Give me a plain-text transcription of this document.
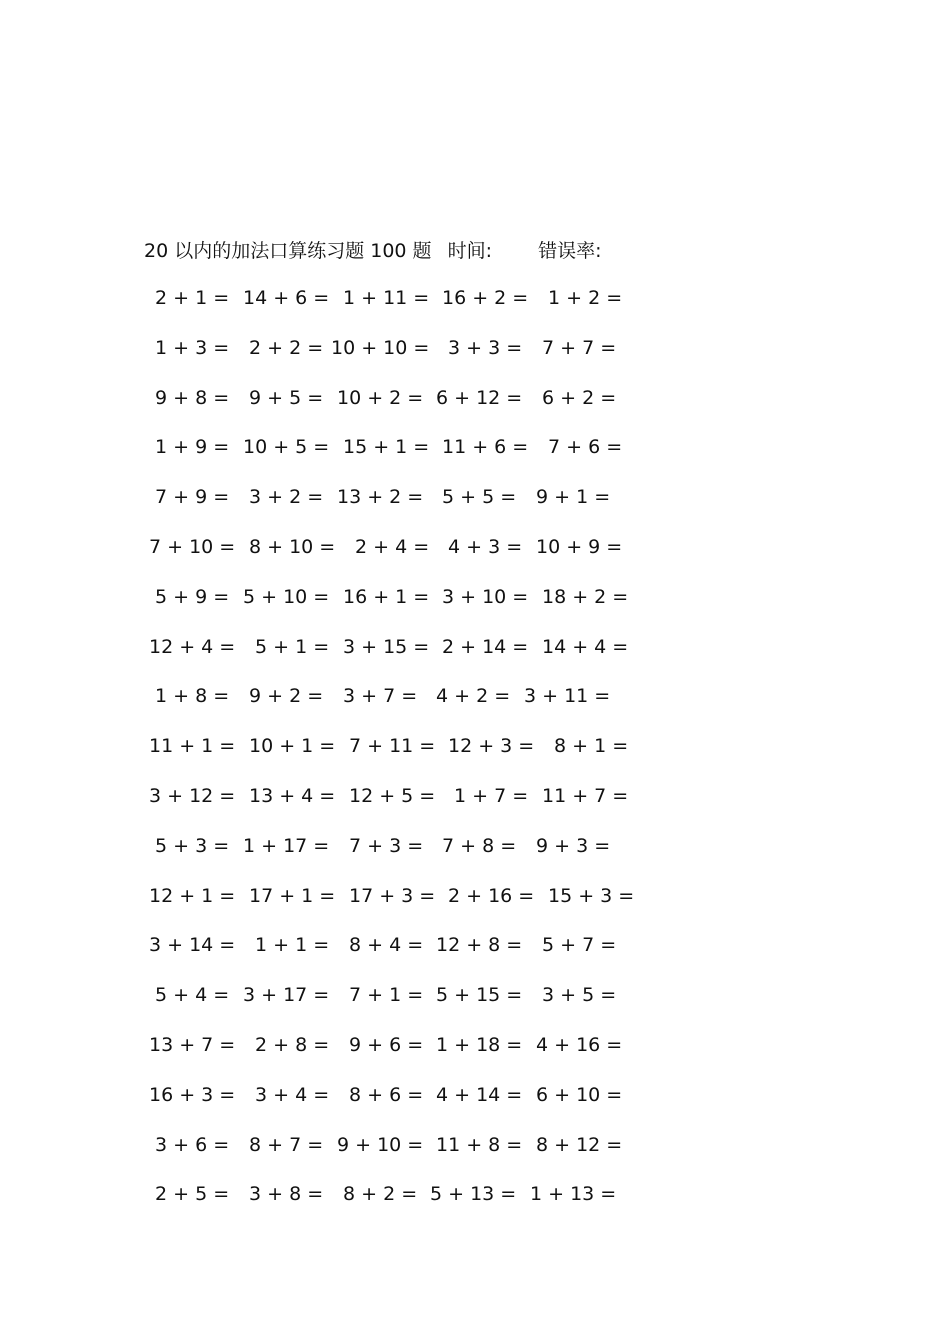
20 以内的加法口算练习题 100 题 时间: 错误率:
2 + 1 = 14 + 6 = 1 + 11 = 16 + 2 = 1 + 2 =
1 + 3 = 2 + 2 = 10 + 10 = 3 + 3 = 7 + 7 =
9 + 8 = 9 + 5 = 10 + 2 = 6 + 12 = 6 + 2 =
1 + 9 = 10 + 5 = 15 + 1 = 11 + 6 = 7 + 6 =
7 + 9 = 3 + 2 = 13 + 2 = 5 + 5 = 9 + 1 =
7 + 10 = 8 + 10 = 2 + 4 = 4 + 3 = 10 + 9 =
5 + 9 = 5 + 10 = 16 + 1 = 3 + 10 = 18 + 2 =
12 + 4 = 5 + 1 = 3 + 15 = 2 + 14 = 14 + 4 =
1 + 8 = 9 + 2 = 3 + 7 = 4 + 2 = 3 + 11 =
11 + 1 = 10 + 1 = 7 + 11 = 12 + 3 = 8 + 1 =
3 + 12 = 13 + 4 = 12 + 5 = 1 + 7 = 11 + 7 =
5 + 3 = 1 + 17 = 7 + 3 = 7 + 8 = 9 + 3 =
12 + 1 = 17 + 1 = 17 + 3 = 2 + 16 = 15 + 3 =
3 + 14 = 1 + 1 = 8 + 4 = 12 + 8 = 5 + 7 =
5 + 4 = 3 + 17 = 7 + 1 = 5 + 15 = 3 + 5 =
13 + 7 = 2 + 8 = 9 + 6 = 1 + 18 = 4 + 16 =
16 + 3 = 3 + 4 = 8 + 6 = 4 + 14 = 6 + 10 =
3 + 6 = 8 + 7 = 9 + 10 = 11 + 8 = 8 + 12 =
2 + 5 = 3 + 8 = 8 + 2 = 5 + 13 = 1 + 13 =
